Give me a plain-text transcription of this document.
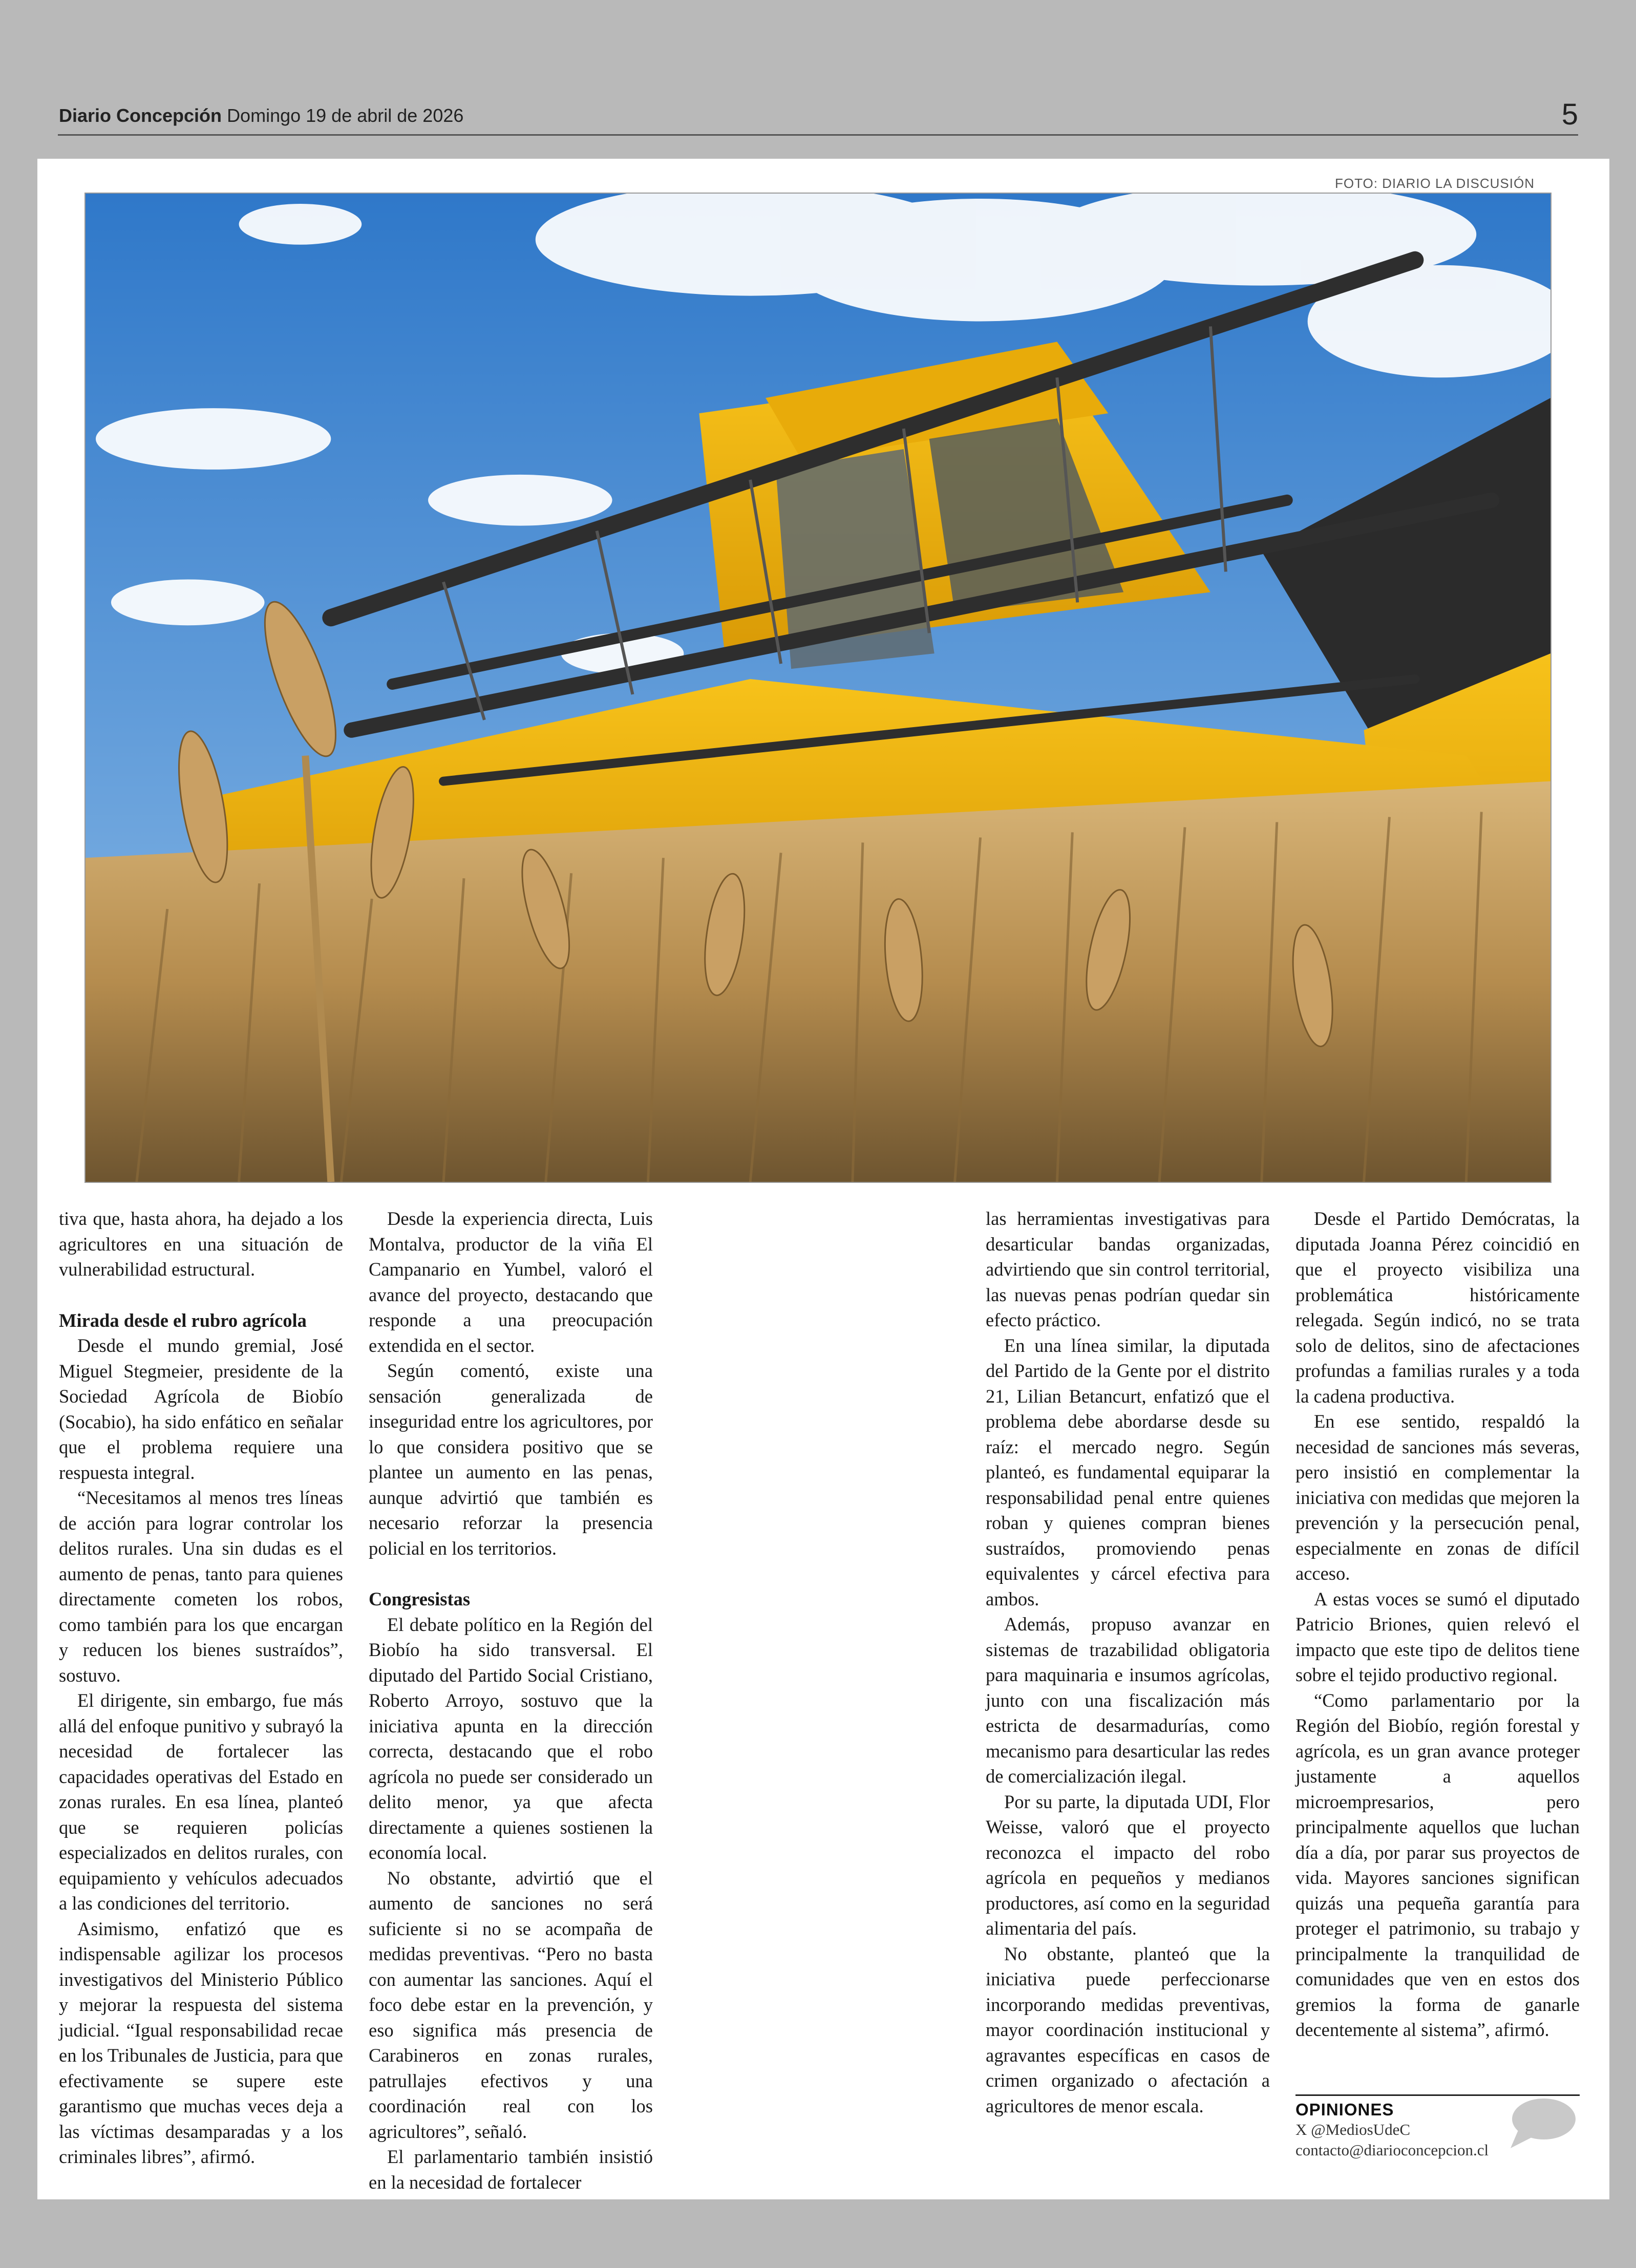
Diario Concepción Domingo 19 de abril de 2026	5
FOTO: DIARIO LA DISCUSIÓN

tiva que, hasta ahora, ha dejado a los agricultores en una situación de vulnerabilidad estructural.

Mirada desde el rubro agrícola

Desde el mundo gremial, José Miguel Stegmeier, presidente de la Sociedad Agrícola de Biobío (Socabio), ha sido enfático en señalar que el problema requiere una respuesta integral.

“Necesitamos al menos tres líneas de acción para lograr controlar los delitos rurales. Una sin dudas es el aumento de penas, tanto para quienes directamente cometen los robos, como también para los que encargan y reducen los bienes sustraídos”, sostuvo.

El dirigente, sin embargo, fue más allá del enfoque punitivo y subrayó la necesidad de fortalecer las capacidades operativas del Estado en zonas rurales. En esa línea, planteó que se requieren policías especializados en delitos rurales, con equipamiento y vehículos adecuados a las condiciones del territorio.

Asimismo, enfatizó que es indispensable agilizar los procesos investigativos del Ministerio Público y mejorar la respuesta del sistema judicial. “Igual responsabilidad recae en los Tribunales de Justicia, para que efectivamente se supere este garantismo que muchas veces deja a las víctimas desamparadas y a los criminales libres”, afirmó.

Desde la experiencia directa, Luis Montalva, productor de la viña El Campanario en Yumbel, valoró el avance del proyecto, destacando que responde a una preocupación extendida en el sector.

Según comentó, existe una sensación generalizada de inseguridad entre los agricultores, por lo que considera positivo que se plantee un aumento en las penas, aunque advirtió que también es necesario reforzar la presencia policial en los territorios.

Congresistas

El debate político en la Región del Biobío ha sido transversal. El diputado del Partido Social Cristiano, Roberto Arroyo, sostuvo que la iniciativa apunta en la dirección correcta, destacando que el robo agrícola no puede ser considerado un delito menor, ya que afecta directamente a quienes sostienen la economía local.

No obstante, advirtió que el aumento de sanciones no será suficiente si no se acompaña de medidas preventivas. “Pero no basta con aumentar las sanciones. Aquí el foco debe estar en la prevención, y eso significa más presencia de Carabineros en zonas rurales, patrullajes efectivos y una coordinación real con los agricultores”, señaló.

El parlamentario también insistió en la necesidad de fortalecer

las herramientas investigativas para desarticular bandas organizadas, advirtiendo que sin control territorial, las nuevas penas podrían quedar sin efecto práctico.

En una línea similar, la diputada del Partido de la Gente por el distrito 21, Lilian Betancurt, enfatizó que el problema debe abordarse desde su raíz: el mercado negro. Según planteó, es fundamental equiparar la responsabilidad penal entre quienes roban y quienes compran bienes sustraídos, promoviendo penas equivalentes y cárcel efectiva para ambos.

Además, propuso avanzar en sistemas de trazabilidad obligatoria para maquinaria e insumos agrícolas, junto con una fiscalización más estricta de desarmadurías, como mecanismo para desarticular las redes de comercialización ilegal.

Por su parte, la diputada UDI, Flor Weisse, valoró que el proyecto reconozca el impacto del robo agrícola en pequeños y medianos productores, así como en la seguridad alimentaria del país.

No obstante, planteó que la iniciativa puede perfeccionarse incorporando medidas preventivas, mayor coordinación institucional y agravantes específicas en casos de crimen organizado o afectación a agricultores de menor escala.

Desde el Partido Demócratas, la diputada Joanna Pérez coincidió en que el proyecto visibiliza una problemática históricamente relegada. Según indicó, no se trata solo de delitos, sino de afectaciones profundas a familias rurales y a toda la cadena productiva.

En ese sentido, respaldó la necesidad de sanciones más severas, pero insistió en complementar la iniciativa con medidas que mejoren la prevención y la persecución penal, especialmente en zonas de difícil acceso.

A estas voces se sumó el diputado Patricio Briones, quien relevó el impacto que este tipo de delitos tiene sobre el tejido productivo regional.

“Como parlamentario por la Región del Biobío, región forestal y agrícola, es un gran avance proteger justamente a aquellos microempresarios, pero principalmente aquellos que luchan día a día, por parar sus proyectos de vida. Mayores sanciones significan quizás una pequeña garantía para proteger el patrimonio, su trabajo y principalmente la tranquilidad de comunidades que ven en estos dos gremios la forma de ganarle decentemente al sistema”, afirmó.

OPINIONES
X @MediosUdeC
contacto@diarioconcepcion.cl
